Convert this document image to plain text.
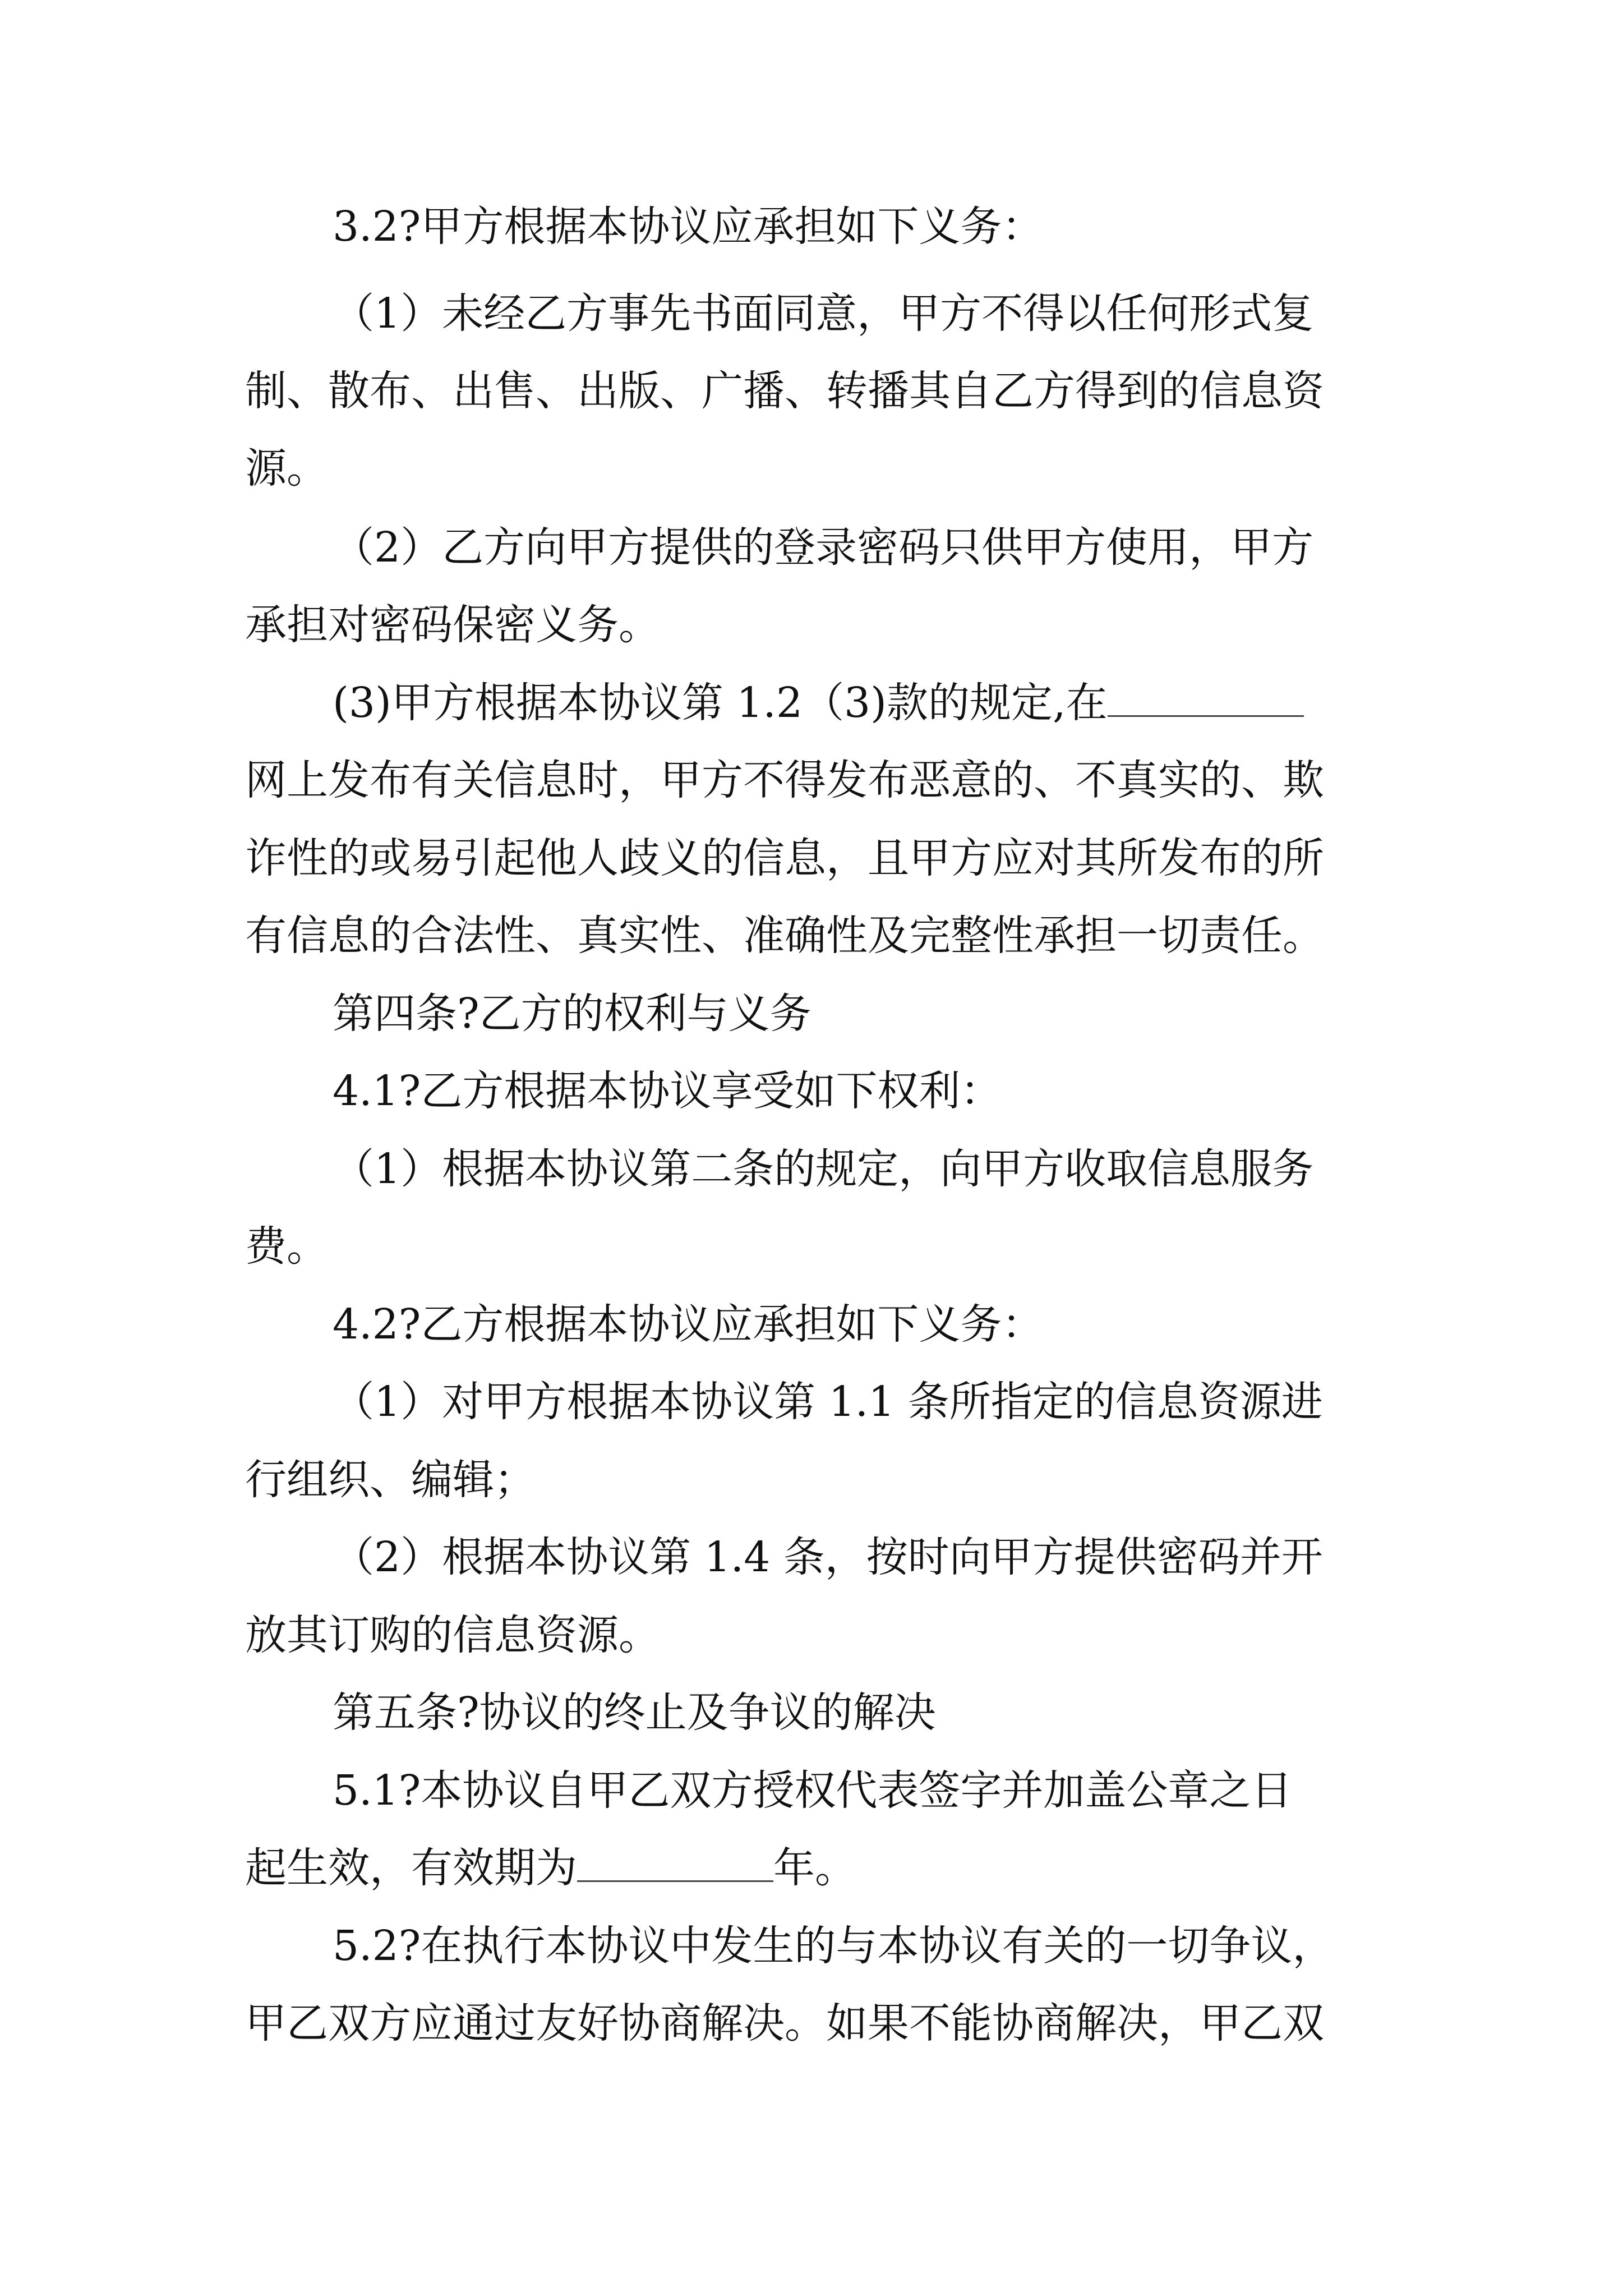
3.2?甲方根据本协议应承担如下义务：
（1）未经乙方事先书面同意，甲方不得以任何形式复
制、散布、出售、出版、广播、转播其自乙方得到的信息资
源。
（2）乙方向甲方提供的登录密码只供甲方使用，甲方
承担对密码保密义务。
(3)甲方根据本协议第 1.2（3)款的规定,在
网上发布有关信息时，甲方不得发布恶意的、不真实的、欺
诈性的或易引起他人歧义的信息，且甲方应对其所发布的所
有信息的合法性、真实性、准确性及完整性承担一切责任。
第四条?乙方的权利与义务
4.1?乙方根据本协议享受如下权利：
（1）根据本协议第二条的规定，向甲方收取信息服务
费。
4.2?乙方根据本协议应承担如下义务：
（1）对甲方根据本协议第 1.1 条所指定的信息资源进
行组织、编辑；
（2）根据本协议第 1.4 条，按时向甲方提供密码并开
放其订购的信息资源。
第五条?协议的终止及争议的解决
5.1?本协议自甲乙双方授权代表签字并加盖公章之日
起生效，有效期为	年。
5.2?在执行本协议中发生的与本协议有关的一切争议，
甲乙双方应通过友好协商解决。如果不能协商解决，甲乙双
